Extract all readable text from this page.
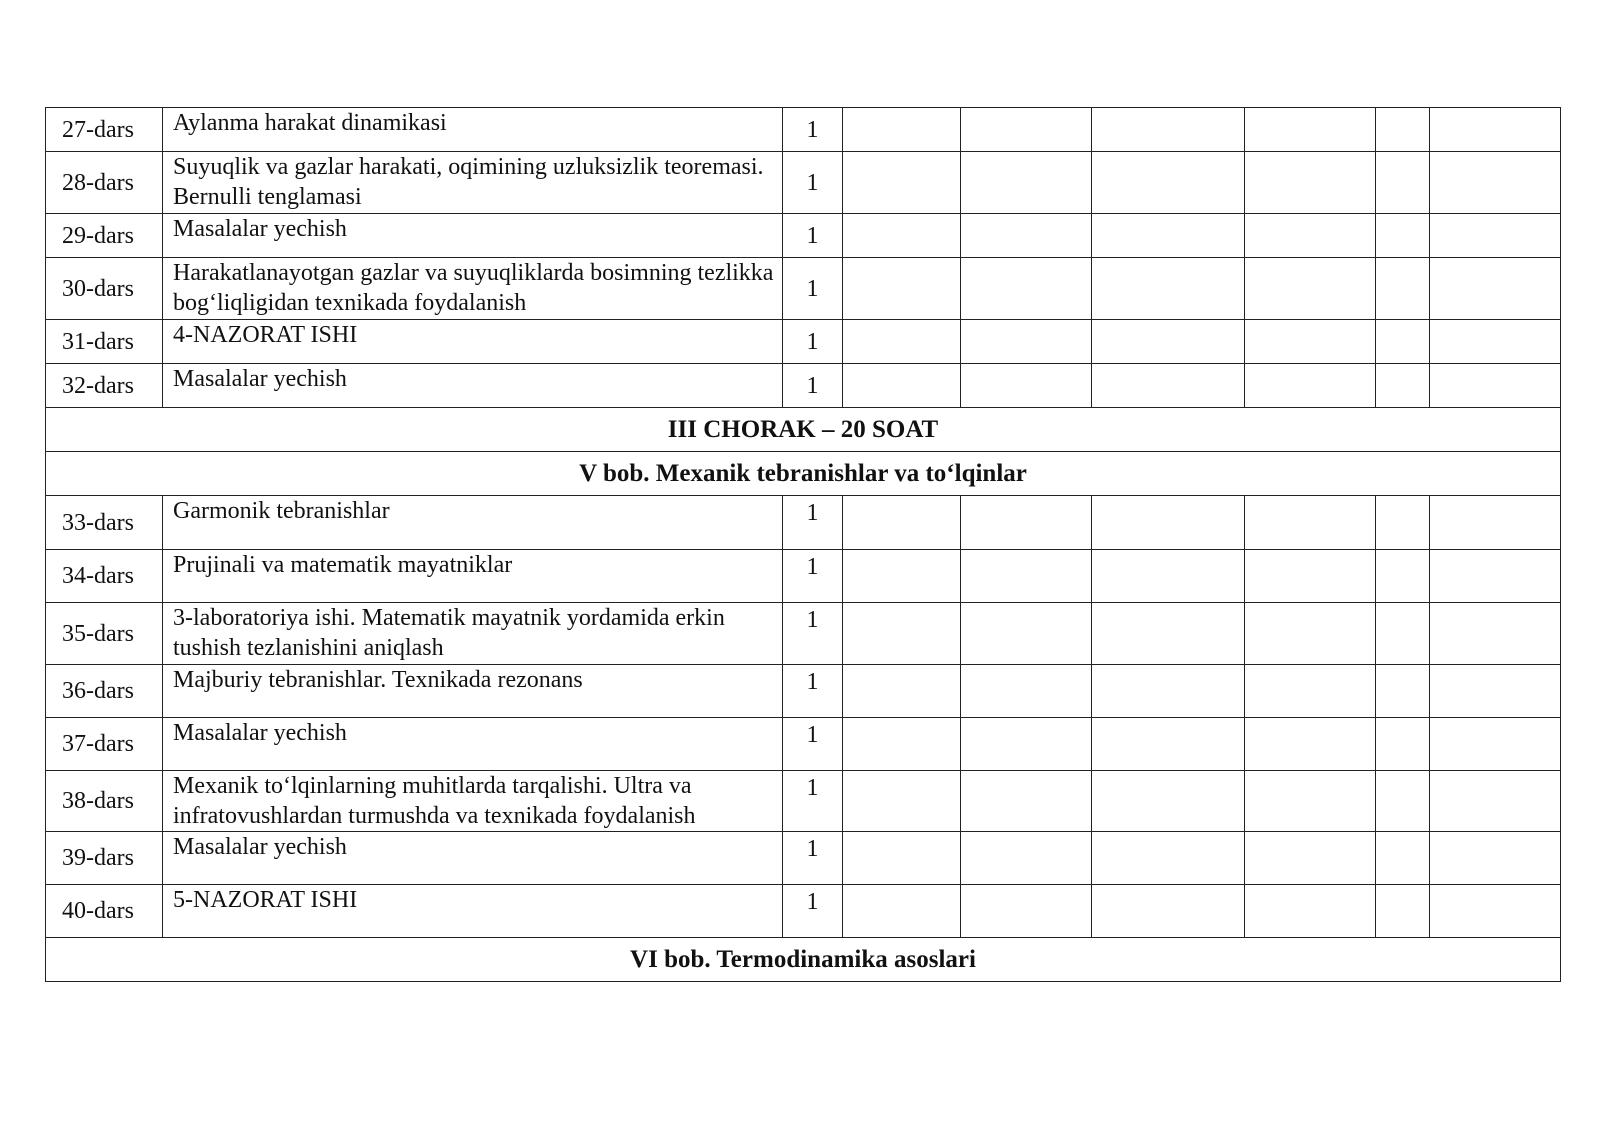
27-dars	Aylanma harakat dinamikasi	1						
28-dars	Suyuqlik va gazlar harakati, oqimining uzluksizlik teoremasi. Bernulli tenglamasi	1						
29-dars	Masalalar yechish	1						
30-dars	Harakatlanayotgan gazlar va suyuqliklarda bosimning tezlikka bog‘liqligidan texnikada foydalanish	1						
31-dars	4-NAZORAT ISHI	1						
32-dars	Masalalar yechish	1						
III CHORAK – 20 SOAT								
V bob. Mexanik tebranishlar va to‘lqinlar								
33-dars	Garmonik tebranishlar	1						
34-dars	Prujinali va matematik mayatniklar	1						
35-dars	3-laboratoriya ishi. Matematik mayatnik yordamida erkin tushish tezlanishini aniqlash	1						
36-dars	Majburiy tebranishlar. Texnikada rezonans	1						
37-dars	Masalalar yechish	1						
38-dars	Mexanik to‘lqinlarning muhitlarda tarqalishi. Ultra va infratovushlardan turmushda va texnikada foydalanish	1						
39-dars	Masalalar yechish	1						
40-dars	5-NAZORAT ISHI	1						
VI bob. Termodinamika asoslari								
